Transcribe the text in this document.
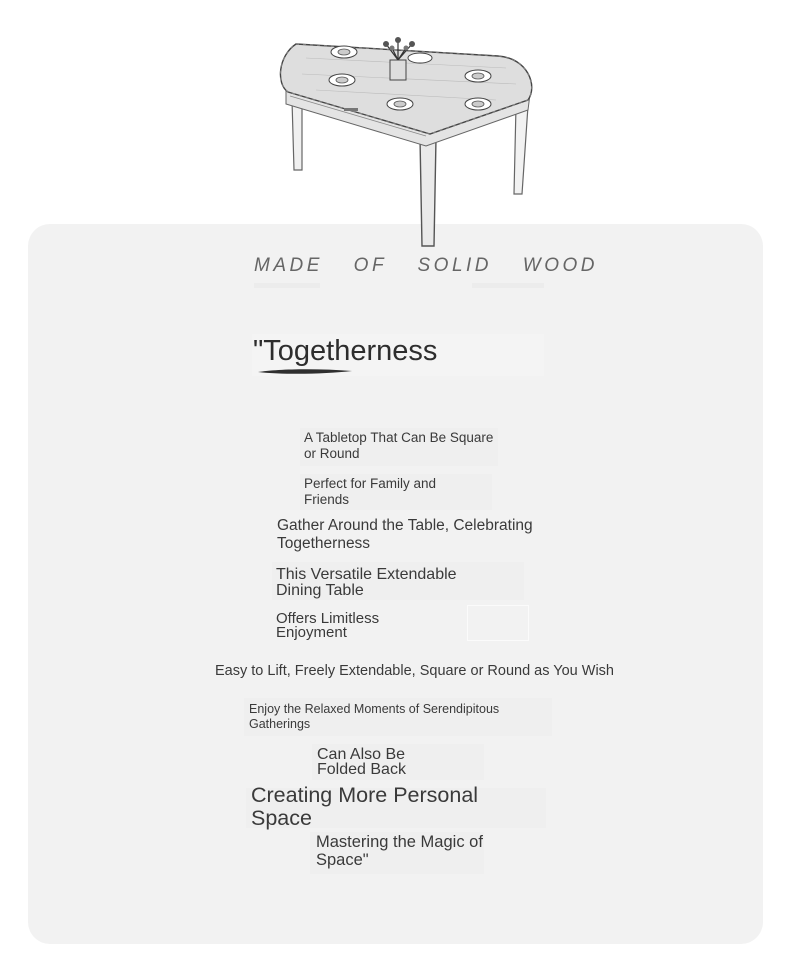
MADE OF SOLID WOOD
"Togetherness
A Tabletop That Can Be Square or Round
Perfect for Family and Friends
Gather Around the Table, Celebrating Togetherness
This Versatile Extendable Dining Table
Offers Limitless Enjoyment
Easy to Lift, Freely Extendable, Square or Round as You Wish
Enjoy the Relaxed Moments of Serendipitous Gatherings
Can Also Be Folded Back
Creating More Personal Space
Mastering the Magic of Space"
